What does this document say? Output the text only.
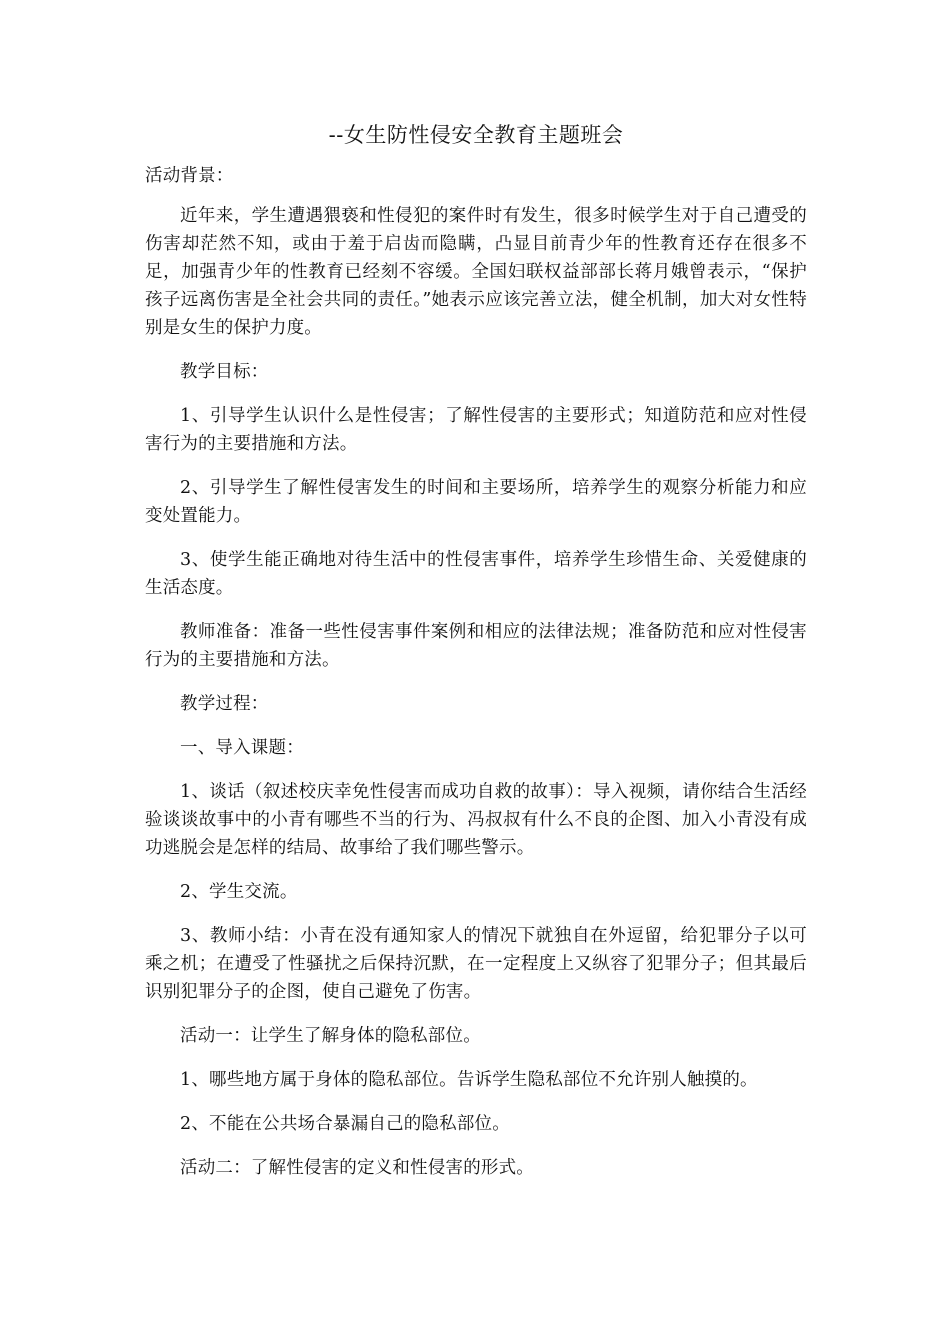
--女生防性侵安全教育主题班会

活动背景：

近年来，学生遭遇猥亵和性侵犯的案件时有发生，很多时候学生对于自己遭受的伤害却茫然不知，或由于羞于启齿而隐瞒，凸显目前青少年的性教育还存在很多不足，加强青少年的性教育已经刻不容缓。全国妇联权益部部长蒋月娥曾表示，“保护孩子远离伤害是全社会共同的责任。”她表示应该完善立法，健全机制，加大对女性特别是女生的保护力度。

教学目标：

1、引导学生认识什么是性侵害；了解性侵害的主要形式；知道防范和应对性侵害行为的主要措施和方法。

2、引导学生了解性侵害发生的时间和主要场所，培养学生的观察分析能力和应变处置能力。

3、使学生能正确地对待生活中的性侵害事件，培养学生珍惜生命、关爱健康的生活态度。

教师准备：准备一些性侵害事件案例和相应的法律法规；准备防范和应对性侵害行为的主要措施和方法。

教学过程：

一、导入课题：

1、谈话（叙述校庆幸免性侵害而成功自救的故事）：导入视频，请你结合生活经验谈谈故事中的小青有哪些不当的行为、冯叔叔有什么不良的企图、加入小青没有成功逃脱会是怎样的结局、故事给了我们哪些警示。

2、学生交流。

3、教师小结：小青在没有通知家人的情况下就独自在外逗留，给犯罪分子以可乘之机；在遭受了性骚扰之后保持沉默，在一定程度上又纵容了犯罪分子；但其最后识别犯罪分子的企图，使自己避免了伤害。

活动一：让学生了解身体的隐私部位。

1、哪些地方属于身体的隐私部位。告诉学生隐私部位不允许别人触摸的。

2、不能在公共场合暴漏自己的隐私部位。

活动二：了解性侵害的定义和性侵害的形式。
